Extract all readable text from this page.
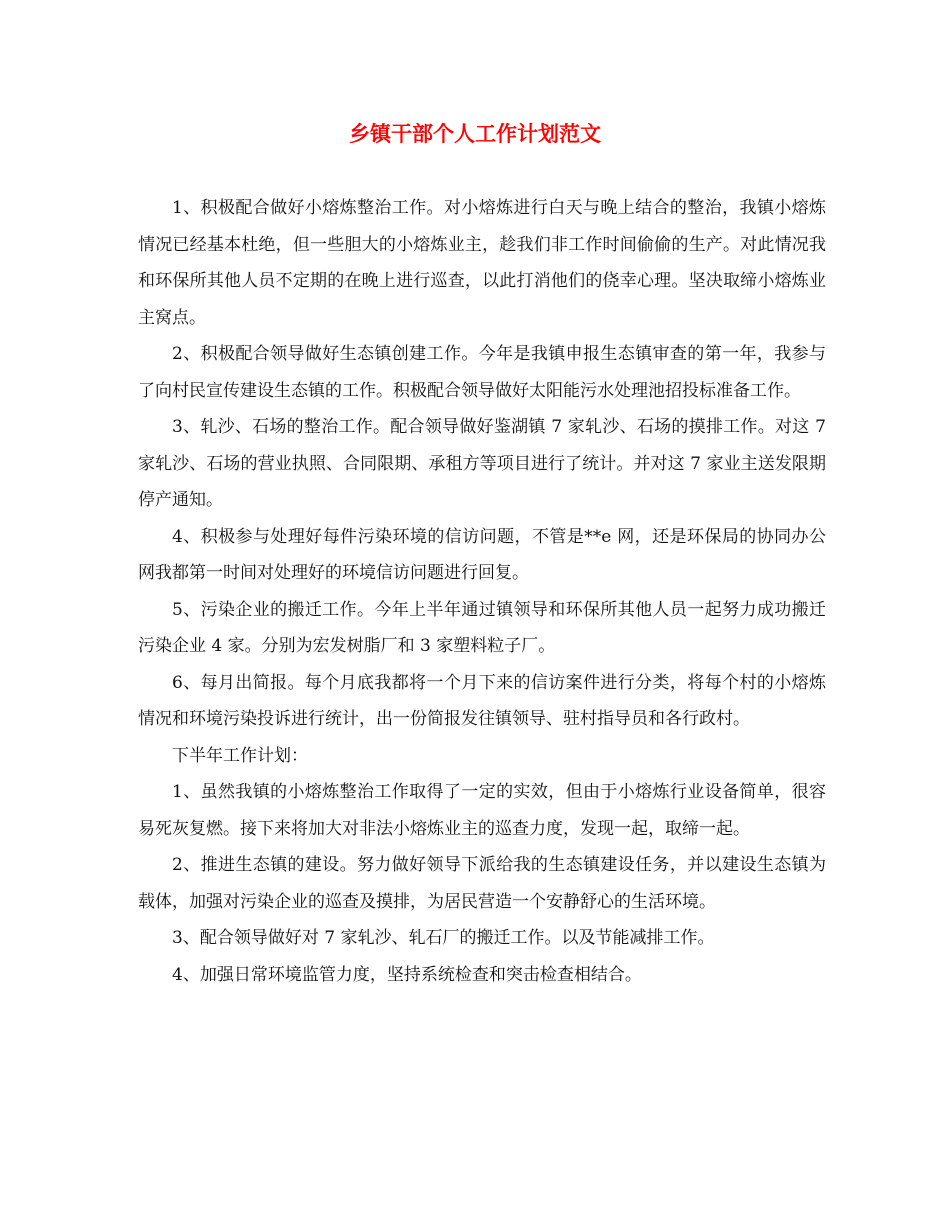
乡镇干部个人工作计划范文

1、积极配合做好小熔炼整治工作。对小熔炼进行白天与晚上结合的整治，我镇小熔炼情况已经基本杜绝，但一些胆大的小熔炼业主，趁我们非工作时间偷偷的生产。对此情况我和环保所其他人员不定期的在晚上进行巡查，以此打消他们的侥幸心理。坚决取缔小熔炼业主窝点。

2、积极配合领导做好生态镇创建工作。今年是我镇申报生态镇审查的第一年，我参与了向村民宣传建设生态镇的工作。积极配合领导做好太阳能污水处理池招投标准备工作。

3、轧沙、石场的整治工作。配合领导做好鉴湖镇 7 家轧沙、石场的摸排工作。对这 7 家轧沙、石场的营业执照、合同限期、承租方等项目进行了统计。并对这 7 家业主送发限期停产通知。

4、积极参与处理好每件污染环境的信访问题，不管是**e 网，还是环保局的协同办公网我都第一时间对处理好的环境信访问题进行回复。

5、污染企业的搬迁工作。今年上半年通过镇领导和环保所其他人员一起努力成功搬迁污染企业 4 家。分别为宏发树脂厂和 3 家塑料粒子厂。

6、每月出简报。每个月底我都将一个月下来的信访案件进行分类，将每个村的小熔炼情况和环境污染投诉进行统计，出一份简报发往镇领导、驻村指导员和各行政村。

下半年工作计划：

1、虽然我镇的小熔炼整治工作取得了一定的实效，但由于小熔炼行业设备简单，很容易死灰复燃。接下来将加大对非法小熔炼业主的巡查力度，发现一起，取缔一起。

2、推进生态镇的建设。努力做好领导下派给我的生态镇建设任务，并以建设生态镇为载体，加强对污染企业的巡查及摸排，为居民营造一个安静舒心的生活环境。

3、配合领导做好对 7 家轧沙、轧石厂的搬迁工作。以及节能减排工作。

4、加强日常环境监管力度，坚持系统检查和突击检查相结合。
